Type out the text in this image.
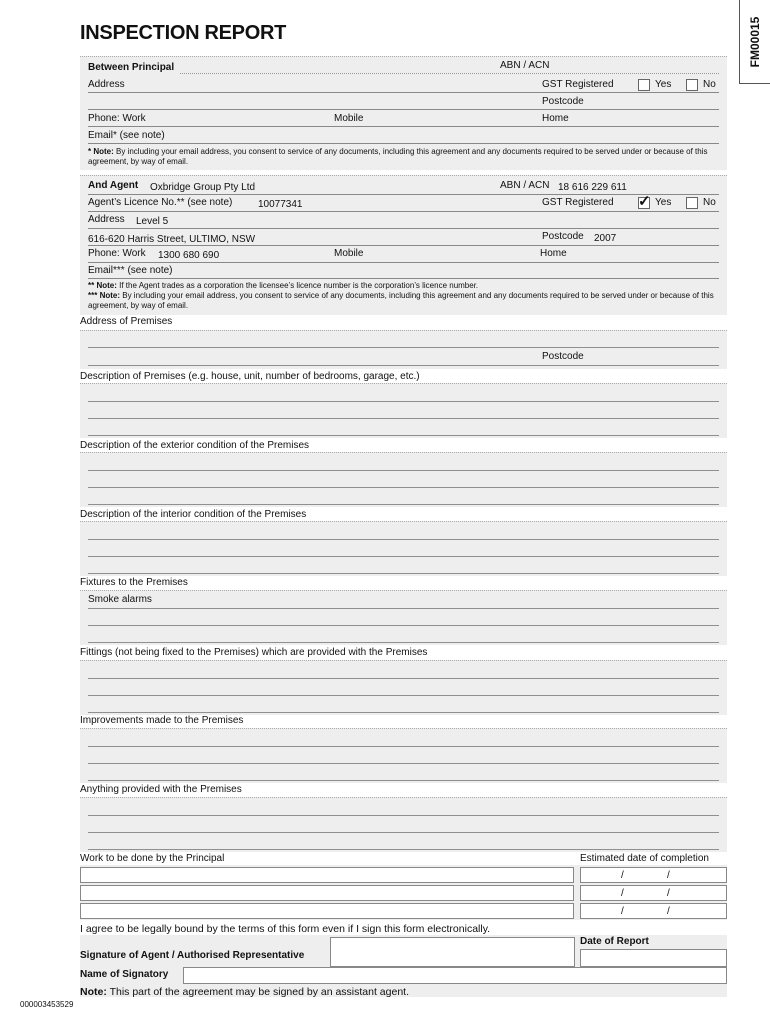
INSPECTION REPORT	FM00015
Between Principal	ABN / ACN
Address	GST Registered	Yes	No
Postcode
Phone: Work	Mobile	Home
Email* (see note)
* Note: By including your email address, you consent to service of any documents, including this agreement and any documents required to be served under or because of this agreement, by way of email.
And Agent Oxbridge Group Pty Ltd	ABN / ACN 18 616 229 611
Agent’s Licence No.** (see note)	10077341	GST Registered ✓ Yes	No
Address Level 5
616-620 Harris Street, ULTIMO, NSW	Postcode 2007
Phone: Work 1300 680 690	Mobile	Home
Email*** (see note)
** Note: If the Agent trades as a corporation the licensee’s licence number is the corporation’s licence number.
*** Note: By including your email address, you consent to service of any documents, including this agreement and any documents required to be served under or because of this agreement, by way of email.
Address of Premises
Postcode
Description of Premises (e.g. house, unit, number of bedrooms, garage, etc.)
Description of the exterior condition of the Premises
Description of the interior condition of the Premises
Fixtures to the Premises
Smoke alarms
Fittings (not being fixed to the Premises) which are provided with the Premises
Improvements made to the Premises
Anything provided with the Premises
Work to be done by the Principal	Estimated date of completion
/	/
/	/
/	/
I agree to be legally bound by the terms of this form even if I sign this form electronically.
Signature of Agent / Authorised Representative
Date of Report
Name of Signatory
Note: This part of the agreement may be signed by an assistant agent.
000003453529
